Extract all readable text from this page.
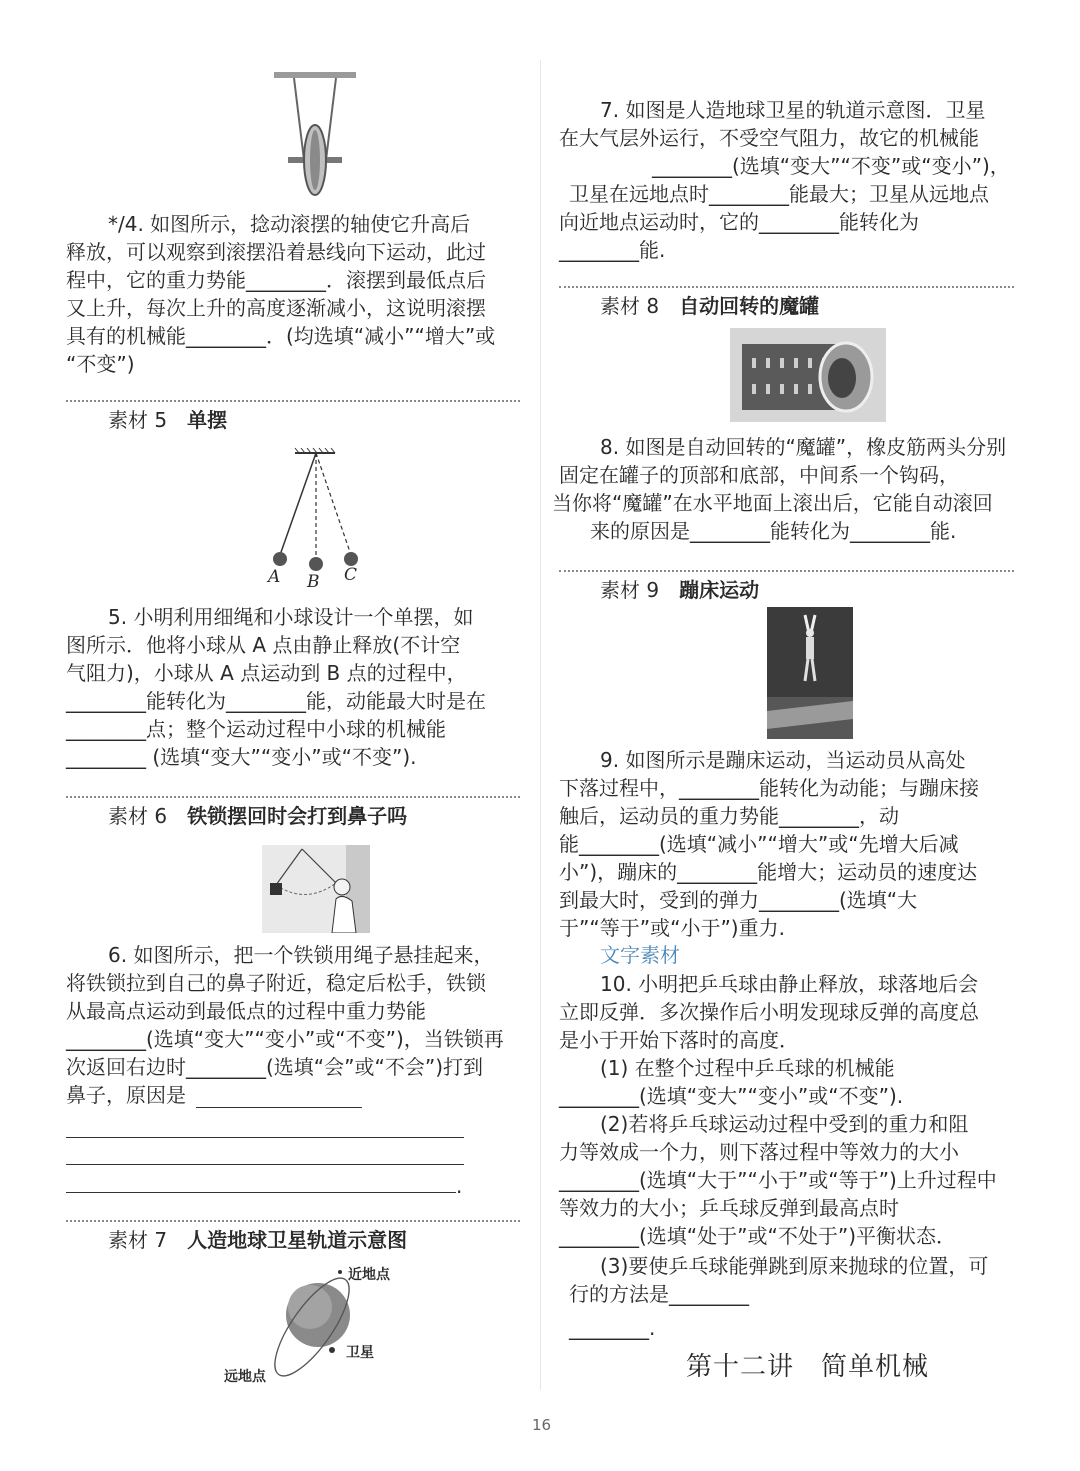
*/4. 如图所示，捻动滚摆的轴使它升高后

释放，可以观察到滚摆沿着悬线向下运动，此过

程中，它的重力势能________．滚摆到最低点后

又上升，每次上升的高度逐渐减小，这说明滚摆

具有的机械能________．(均选填“减小”“增大”或

“不变”)

素材 5　 单摆
A B C

5. 小明利用细绳和小球设计一个单摆，如

图所示．他将小球从 A 点由静止释放(不计空

气阻力)，小球从 A 点运动到 B 点的过程中，

________能转化为________能，动能最大时是在

________点；整个运动过程中小球的机械能

________ (选填“变大”“变小”或“不变”).

素材 6　 铁锁摆回时会打到鼻子吗

6. 如图所示，把一个铁锁用绳子悬挂起来，

将铁锁拉到自己的鼻子附近，稳定后松手，铁锁

从最高点运动到最低点的过程中重力势能

________(选填“变大”“变小”或“不变”)，当铁锁再

次返回右边时________(选填“会”或“不会”)打到

鼻子，原因是

.
素材 7　 人造地球卫星轨道示意图
近地点
卫星
远地点

7. 如图是人造地球卫星的轨道示意图．卫星

在大气层外运行，不受空气阻力，故它的机械能

________(选填“变大”“不变”或“变小”)，

卫星在远地点时________能最大；卫星从远地点

向近地点运动时，它的________能转化为

________能.

素材 8　 自动回转的魔罐

8. 如图是自动回转的“魔罐”，橡皮筋两头分别

固定在罐子的顶部和底部，中间系一个钩码，

当你将“魔罐”在水平地面上滚出后，它能自动滚回

来的原因是________能转化为________能.

素材 9　 蹦床运动

9. 如图所示是蹦床运动，当运动员从高处

下落过程中，________能转化为动能；与蹦床接

触后，运动员的重力势能________，动

能________(选填“减小”“增大”或“先增大后减

小”)，蹦床的________能增大；运动员的速度达

到最大时，受到的弹力________(选填“大

于”“等于”或“小于”)重力.

文字素材

10. 小明把乒乓球由静止释放，球落地后会

立即反弹．多次操作后小明发现球反弹的高度总

是小于开始下落时的高度．

(1) 在整个过程中乒乓球的机械能

________(选填“变大”“变小”或“不变”).

(2)若将乒乓球运动过程中受到的重力和阻

力等效成一个力，则下落过程中等效力的大小

________(选填“大于”“小于”或“等于”)上升过程中

等效力的大小；乒乓球反弹到最高点时

________(选填“处于”或“不处于”)平衡状态．

(3)要使乒乓球能弹跳到原来抛球的位置，可

行的方法是________

________.

第十二讲　简单机械
16
